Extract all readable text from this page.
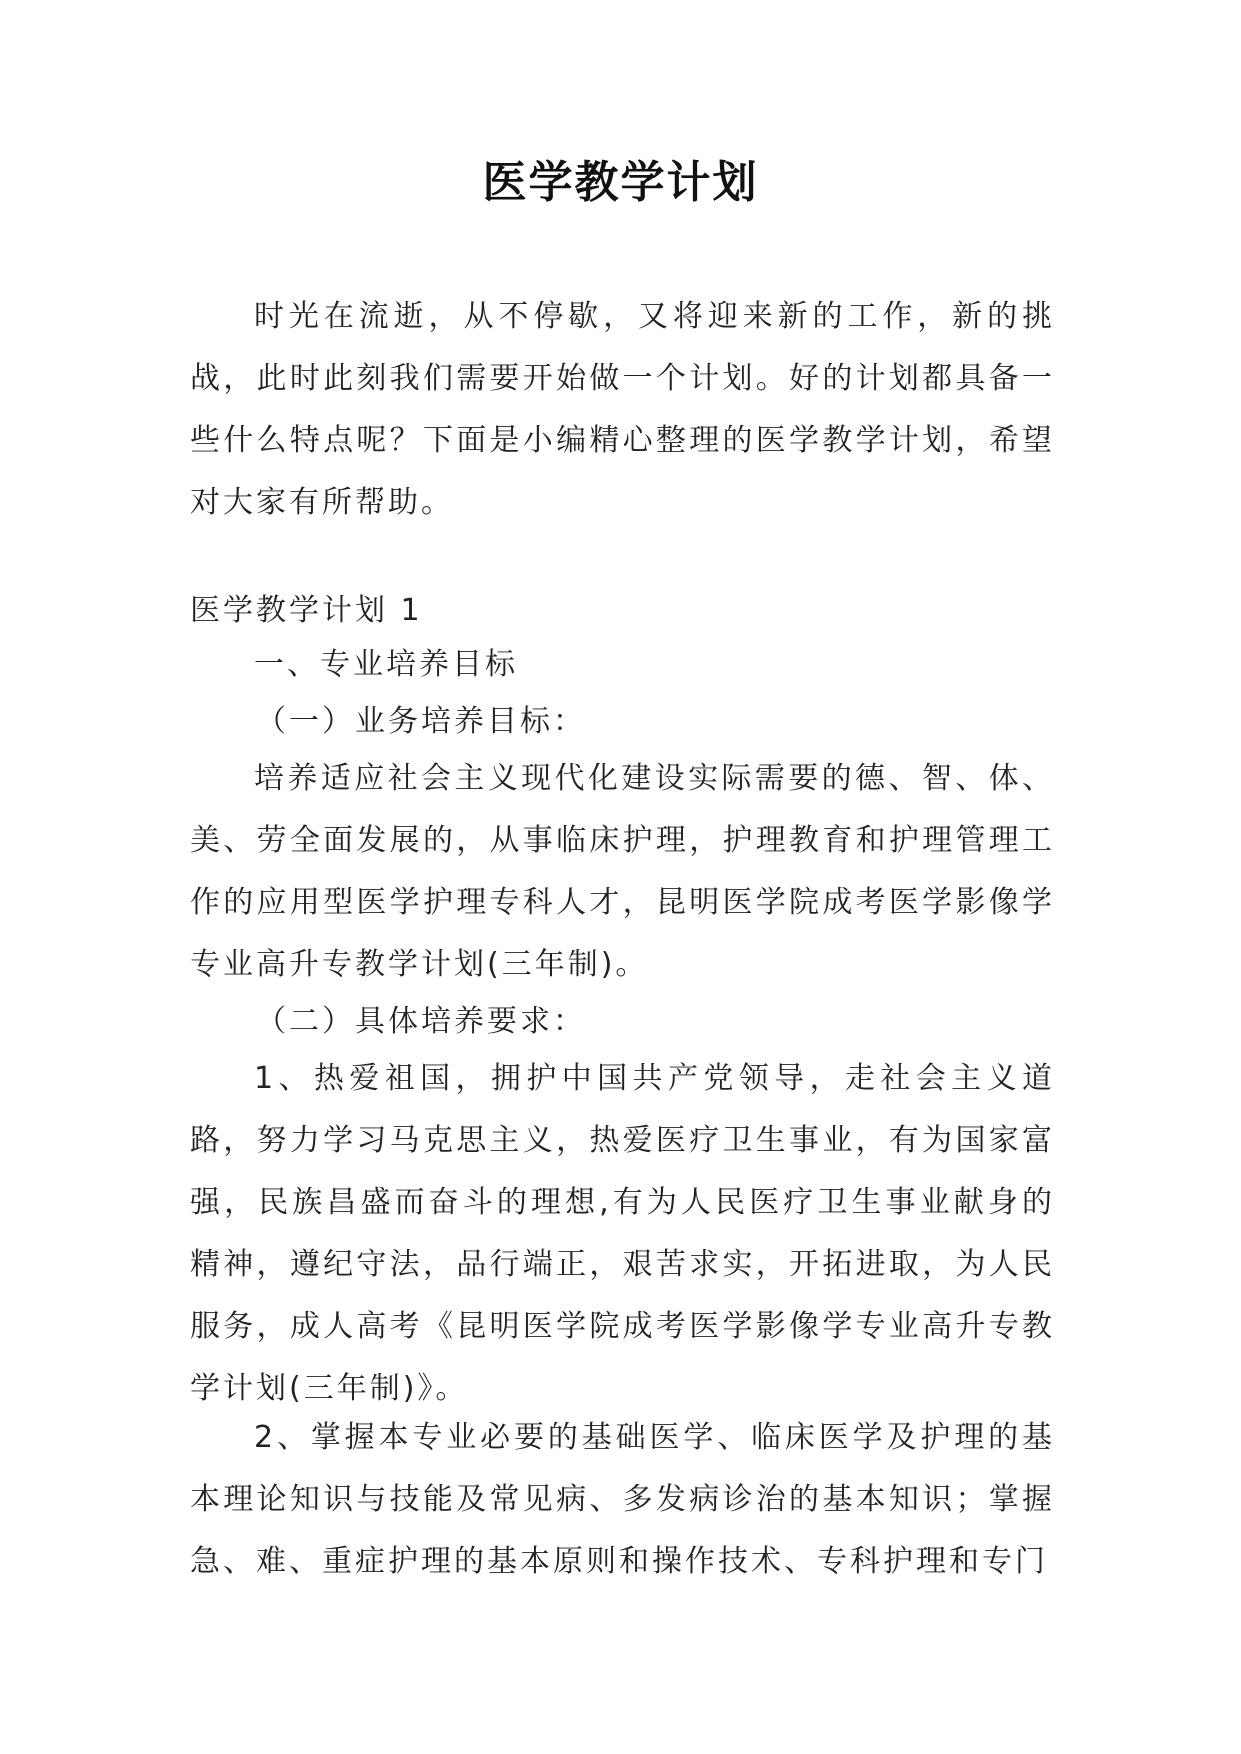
医学教学计划

时光在流逝，从不停歇，又将迎来新的工作，新的挑战，此时此刻我们需要开始做一个计划。好的计划都具备一些什么特点呢？下面是小编精心整理的医学教学计划，希望对大家有所帮助。

医学教学计划 1

一、专业培养目标

（一）业务培养目标：

培养适应社会主义现代化建设实际需要的德、智、体、美、劳全面发展的，从事临床护理，护理教育和护理管理工作的应用型医学护理专科人才，昆明医学院成考医学影像学专业高升专教学计划(三年制)。

（二）具体培养要求：

1、热爱祖国，拥护中国共产党领导，走社会主义道路，努力学习马克思主义，热爱医疗卫生事业，有为国家富强，民族昌盛而奋斗的理想,有为人民医疗卫生事业献身的精神，遵纪守法，品行端正，艰苦求实，开拓进取，为人民服务，成人高考《昆明医学院成考医学影像学专业高升专教学计划(三年制)》。

2、掌握本专业必要的基础医学、临床医学及护理的基本理论知识与技能及常见病、多发病诊治的基本知识；掌握急、难、重症护理的基本原则和操作技术、专科护理和专门
